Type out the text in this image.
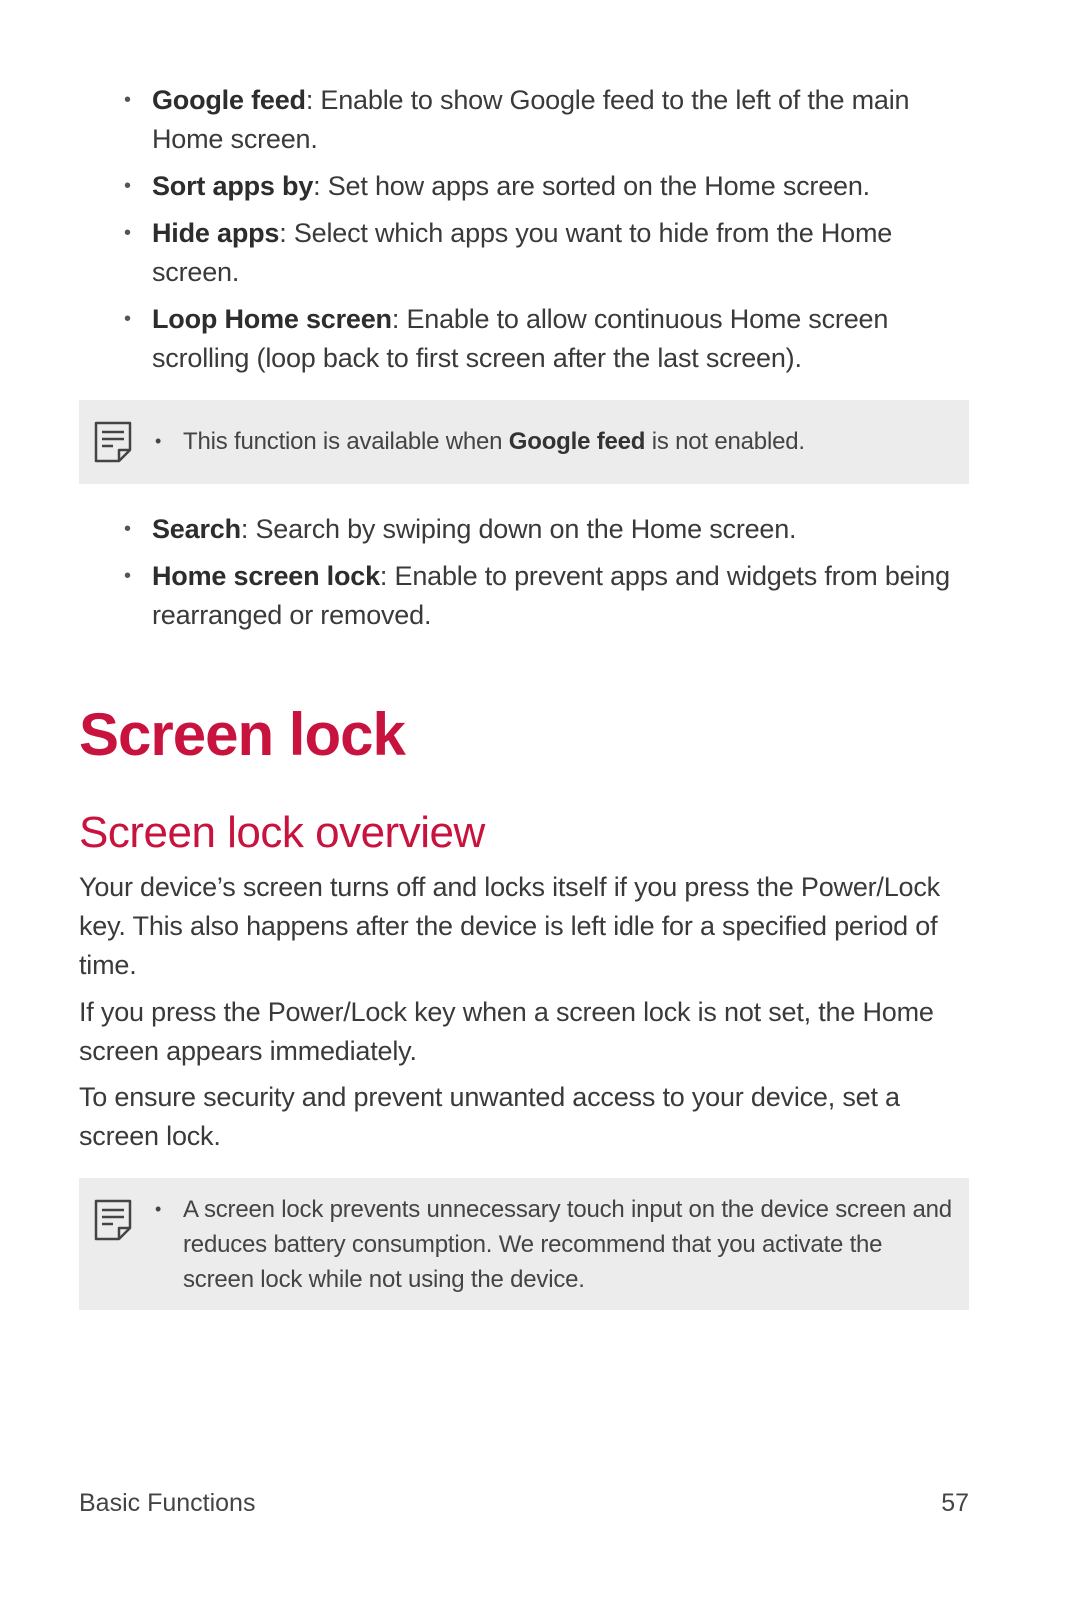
• Google feed: Enable to show Google feed to the left of the main Home screen.
• Sort apps by: Set how apps are sorted on the Home screen.
• Hide apps: Select which apps you want to hide from the Home screen.
• Loop Home screen: Enable to allow continuous Home screen scrolling (loop back to first screen after the last screen).
• This function is available when Google feed is not enabled.
• Search: Search by swiping down on the Home screen.
• Home screen lock: Enable to prevent apps and widgets from being rearranged or removed.
Screen lock
Screen lock overview

Your device’s screen turns off and locks itself if you press the Power/Lock key. This also happens after the device is left idle for a specified period of time.

If you press the Power/Lock key when a screen lock is not set, the Home screen appears immediately.

To ensure security and prevent unwanted access to your device, set a screen lock.

• A screen lock prevents unnecessary touch input on the device screen and reduces battery consumption. We recommend that you activate the screen lock while not using the device.
Basic Functions	57
